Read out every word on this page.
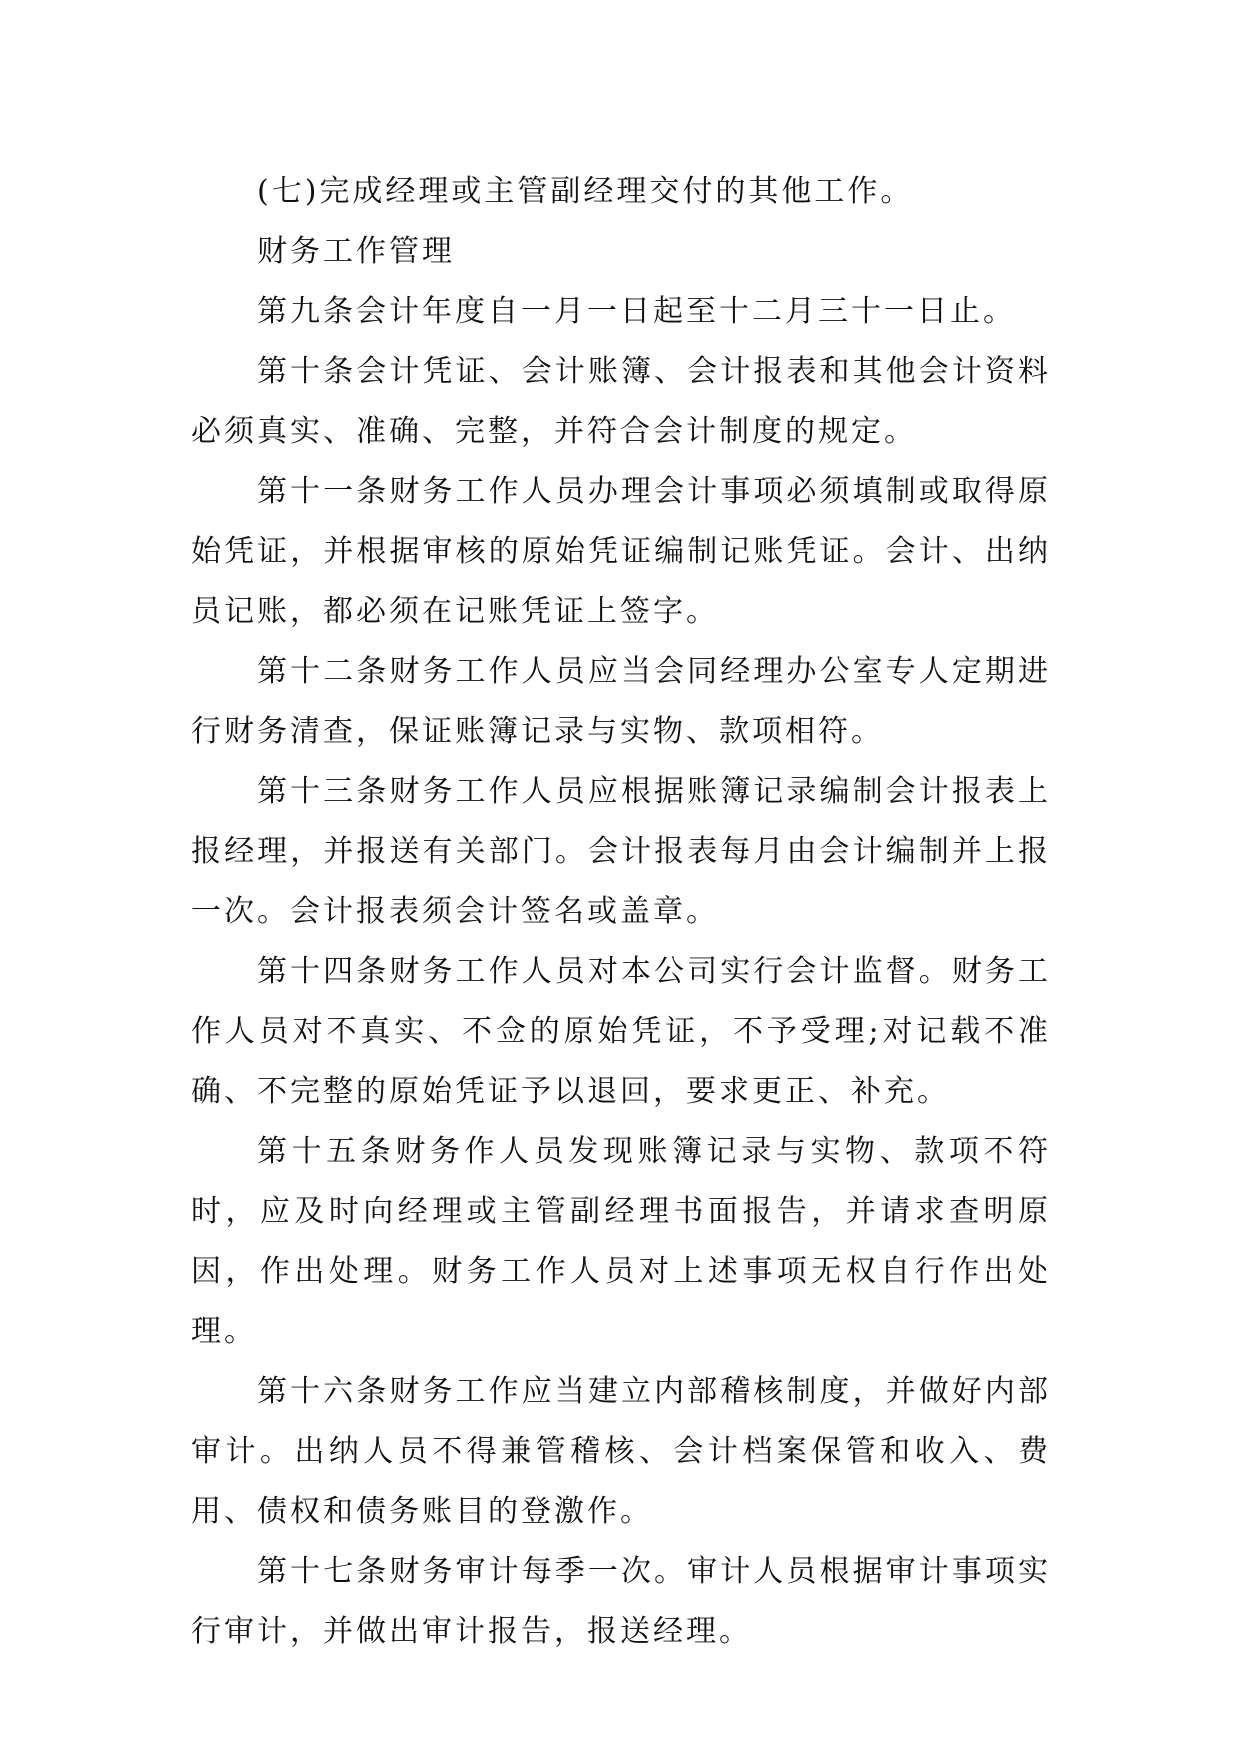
(七)完成经理或主管副经理交付的其他工作。

财务工作管理

第九条会计年度自一月一日起至十二月三十一日止。

第十条会计凭证、会计账簿、会计报表和其他会计资料必须真实、准确、完整，并符合会计制度的规定。

第十一条财务工作人员办理会计事项必须填制或取得原始凭证，并根据审核的原始凭证编制记账凭证。会计、出纳员记账，都必须在记账凭证上签字。

第十二条财务工作人员应当会同经理办公室专人定期进行财务清查，保证账簿记录与实物、款项相符。

第十三条财务工作人员应根据账簿记录编制会计报表上报经理，并报送有关部门。会计报表每月由会计编制并上报一次。会计报表须会计签名或盖章。

第十四条财务工作人员对本公司实行会计监督。财务工作人员对不真实、不佥的原始凭证，不予受理;对记载不准确、不完整的原始凭证予以退回，要求更正、补充。

第十五条财务作人员发现账簿记录与实物、款项不符时，应及时向经理或主管副经理书面报告，并请求查明原因，作出处理。财务工作人员对上述事项无权自行作出处理。

第十六条财务工作应当建立内部稽核制度，并做好内部审计。出纳人员不得兼管稽核、会计档案保管和收入、费用、债权和债务账目的登激作。

第十七条财务审计每季一次。审计人员根据审计事项实行审计，并做出审计报告，报送经理。
